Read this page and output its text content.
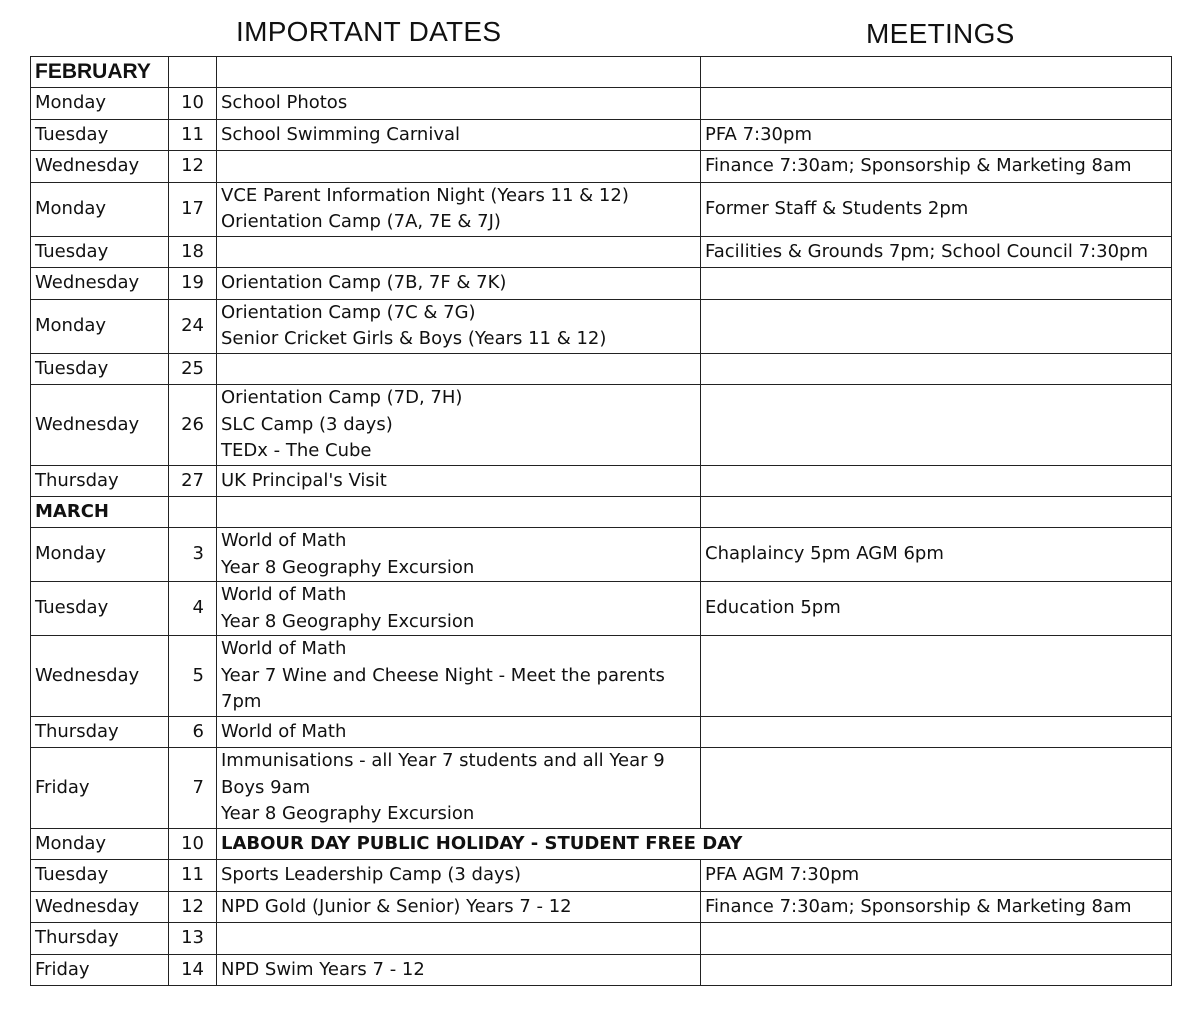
IMPORTANT DATES	MEETINGS
FEBRUARY			
Monday	10	School Photos	

Tuesday	11	School Swimming Carnival	PFA 7:30pm
Wednesday	12		Finance 7:30am; Sponsorship & Marketing 8am
Monday	17	VCE Parent Information Night (Years 11 & 12)
Orientation Camp (7A, 7E & 7J)	Former Staff & Students 2pm
Tuesday	18		Facilities & Grounds 7pm; School Council 7:30pm
Wednesday	19	Orientation Camp (7B, 7F & 7K)	

Monday	24	Orientation Camp (7C & 7G)
Senior Cricket Girls & Boys (Years 11 & 12)	

Tuesday	25		
Wednesday	26	Orientation Camp (7D, 7H)
SLC Camp (3 days)
TEDx - The Cube	

Thursday	27	UK Principal's Visit	

MARCH			
Monday	3	World of Math
Year 8 Geography Excursion	Chaplaincy 5pm AGM 6pm
Tuesday	4	World of Math
Year 8 Geography Excursion	Education 5pm
Wednesday	5	World of Math
Year 7 Wine and Cheese Night - Meet the parents
7pm	

Thursday	6	World of Math	

Friday	7	Immunisations - all Year 7 students and all Year 9
Boys 9am
Year 8 Geography Excursion	

Monday	10	LABOUR DAY PUBLIC HOLIDAY - STUDENT FREE DAY	

Tuesday	11	Sports Leadership Camp (3 days)	PFA AGM 7:30pm
Wednesday	12	NPD Gold (Junior & Senior) Years 7 - 12	Finance 7:30am; Sponsorship & Marketing 8am
Thursday	13		
Friday	14	NPD Swim Years 7 - 12	
